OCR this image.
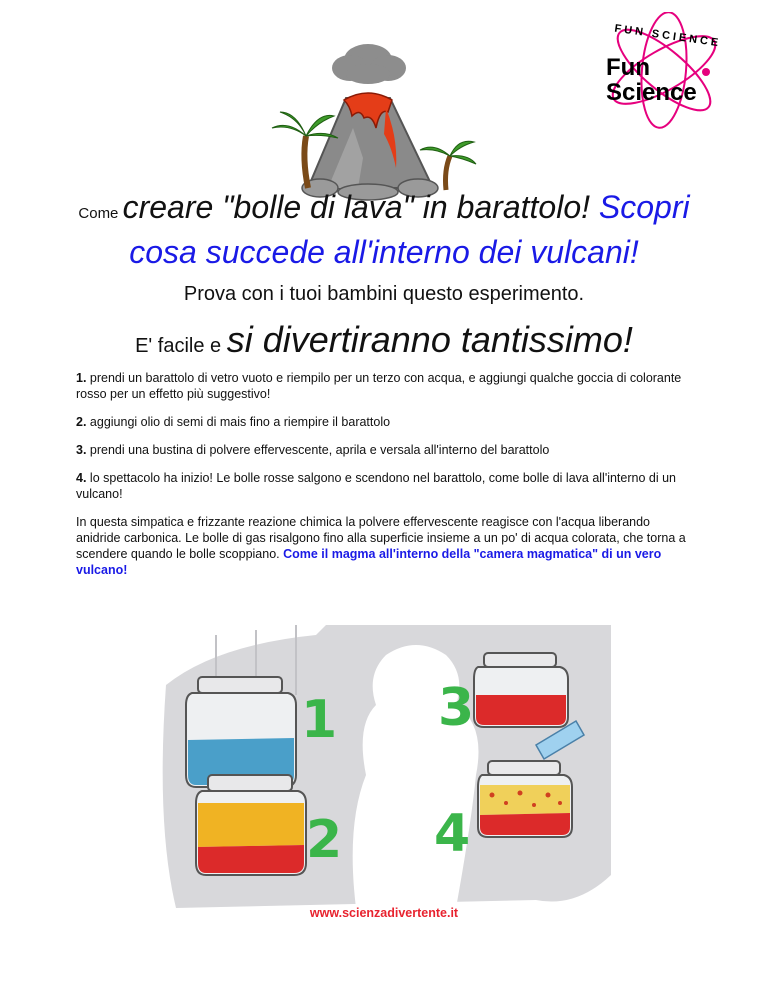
FUN SCIENCE
Fun
Science
Come creare "bolle di lava" in barattolo! Scopri
cosa succede all'interno dei vulcani!
Prova con i tuoi bambini questo esperimento.
E' facile e si divertiranno tantissimo!

1. prendi un barattolo di vetro vuoto e riempilo per un terzo con acqua, e aggiungi qualche goccia di colorante rosso per un effetto più suggestivo!

2. aggiungi olio di semi di mais fino a riempire il barattolo

3. prendi una bustina di polvere effervescente, aprila e versala all'interno del barattolo

4. lo spettacolo ha inizio! Le bolle rosse salgono e scendono nel barattolo, come bolle di lava all'interno di un vulcano!

In questa simpatica e frizzante reazione chimica la polvere effervescente reagisce con l'acqua liberando anidride carbonica. Le bolle di gas risalgono fino alla superficie insieme a un po' di acqua colorata, che torna a scendere quando le bolle scoppiano. Come il magma all'interno della "camera magmatica" di un vero vulcano!

1
2
3
4
www.scienzadivertente.it
